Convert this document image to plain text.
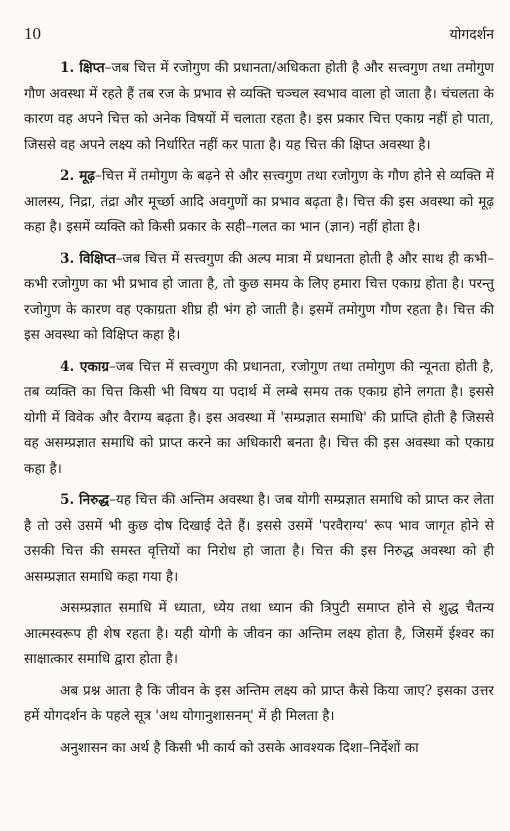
10	योगदर्शन

1. क्षिप्त–जब चित्त में रजोगुण की प्रधानता/अधिकता होती है और सत्त्वगुण तथा तमोगुण गौण अवस्था में रहते हैं तब रज के प्रभाव से व्यक्ति चञ्चल स्वभाव वाला हो जाता है। चंचलता के कारण वह अपने चित्त को अनेक विषयों में चलाता रहता है। इस प्रकार चित्त एकाग्र नहीं हो पाता, जिससे वह अपने लक्ष्य को निर्धारित नहीं कर पाता है। यह चित्त की क्षिप्त अवस्था है।

2. मूढ़–चित्त में तमोगुण के बढ़ने से और सत्त्वगुण तथा रजोगुण के गौण होने से व्यक्ति में आलस्य, निद्रा, तंद्रा और मूर्च्छा आदि अवगुणों का प्रभाव बढ़ता है। चित्त की इस अवस्था को मूढ़ कहा है। इसमें व्यक्ति को किसी प्रकार के सही–गलत का भान (ज्ञान) नहीं होता है।

3. विक्षिप्त–जब चित्त में सत्त्वगुण की अल्प मात्रा में प्रधानता होती है और साथ ही कभी–कभी रजोगुण का भी प्रभाव हो जाता है, तो कुछ समय के लिए हमारा चित्त एकाग्र होता है। परन्तु रजोगुण के कारण वह एकाग्रता शीघ्र ही भंग हो जाती है। इसमें तमोगुण गौण रहता है। चित्त की इस अवस्था को विक्षिप्त कहा है।

4. एकाग्र–जब चित्त में सत्त्वगुण की प्रधानता, रजोगुण तथा तमोगुण की न्यूनता होती है, तब व्यक्ति का चित्त किसी भी विषय या पदार्थ में लम्बे समय तक एकाग्र होने लगता है। इससे योगी में विवेक और वैराग्य बढ़ता है। इस अवस्था में 'सम्प्रज्ञात समाधि' की प्राप्ति होती है जिससे वह असम्प्रज्ञात समाधि को प्राप्त करने का अधिकारी बनता है। चित्त की इस अवस्था को एकाग्र कहा है।

5. निरुद्ध–यह चित्त की अन्तिम अवस्था है। जब योगी सम्प्रज्ञात समाधि को प्राप्त कर लेता है तो उसे उसमें भी कुछ दोष दिखाई देते हैं। इससे उसमें 'परवैराग्य' रूप भाव जागृत होने से उसकी चित्त की समस्त वृत्तियों का निरोध हो जाता है। चित्त की इस निरुद्ध अवस्था को ही असम्प्रज्ञात समाधि कहा गया है।

असम्प्रज्ञात समाधि में ध्याता, ध्येय तथा ध्यान की त्रिपुटी समाप्त होने से शुद्ध चैतन्य आत्मस्वरूप ही शेष रहता है। यही योगी के जीवन का अन्तिम लक्ष्य होता है, जिसमें ईश्वर का साक्षात्कार समाधि द्वारा होता है।

अब प्रश्न आता है कि जीवन के इस अन्तिम लक्ष्य को प्राप्त कैसे किया जाए? इसका उत्तर हमें योगदर्शन के पहले सूत्र 'अथ योगानुशासनम्' में ही मिलता है।

अनुशासन का अर्थ है किसी भी कार्य को उसके आवश्यक दिशा–निर्देशों का
